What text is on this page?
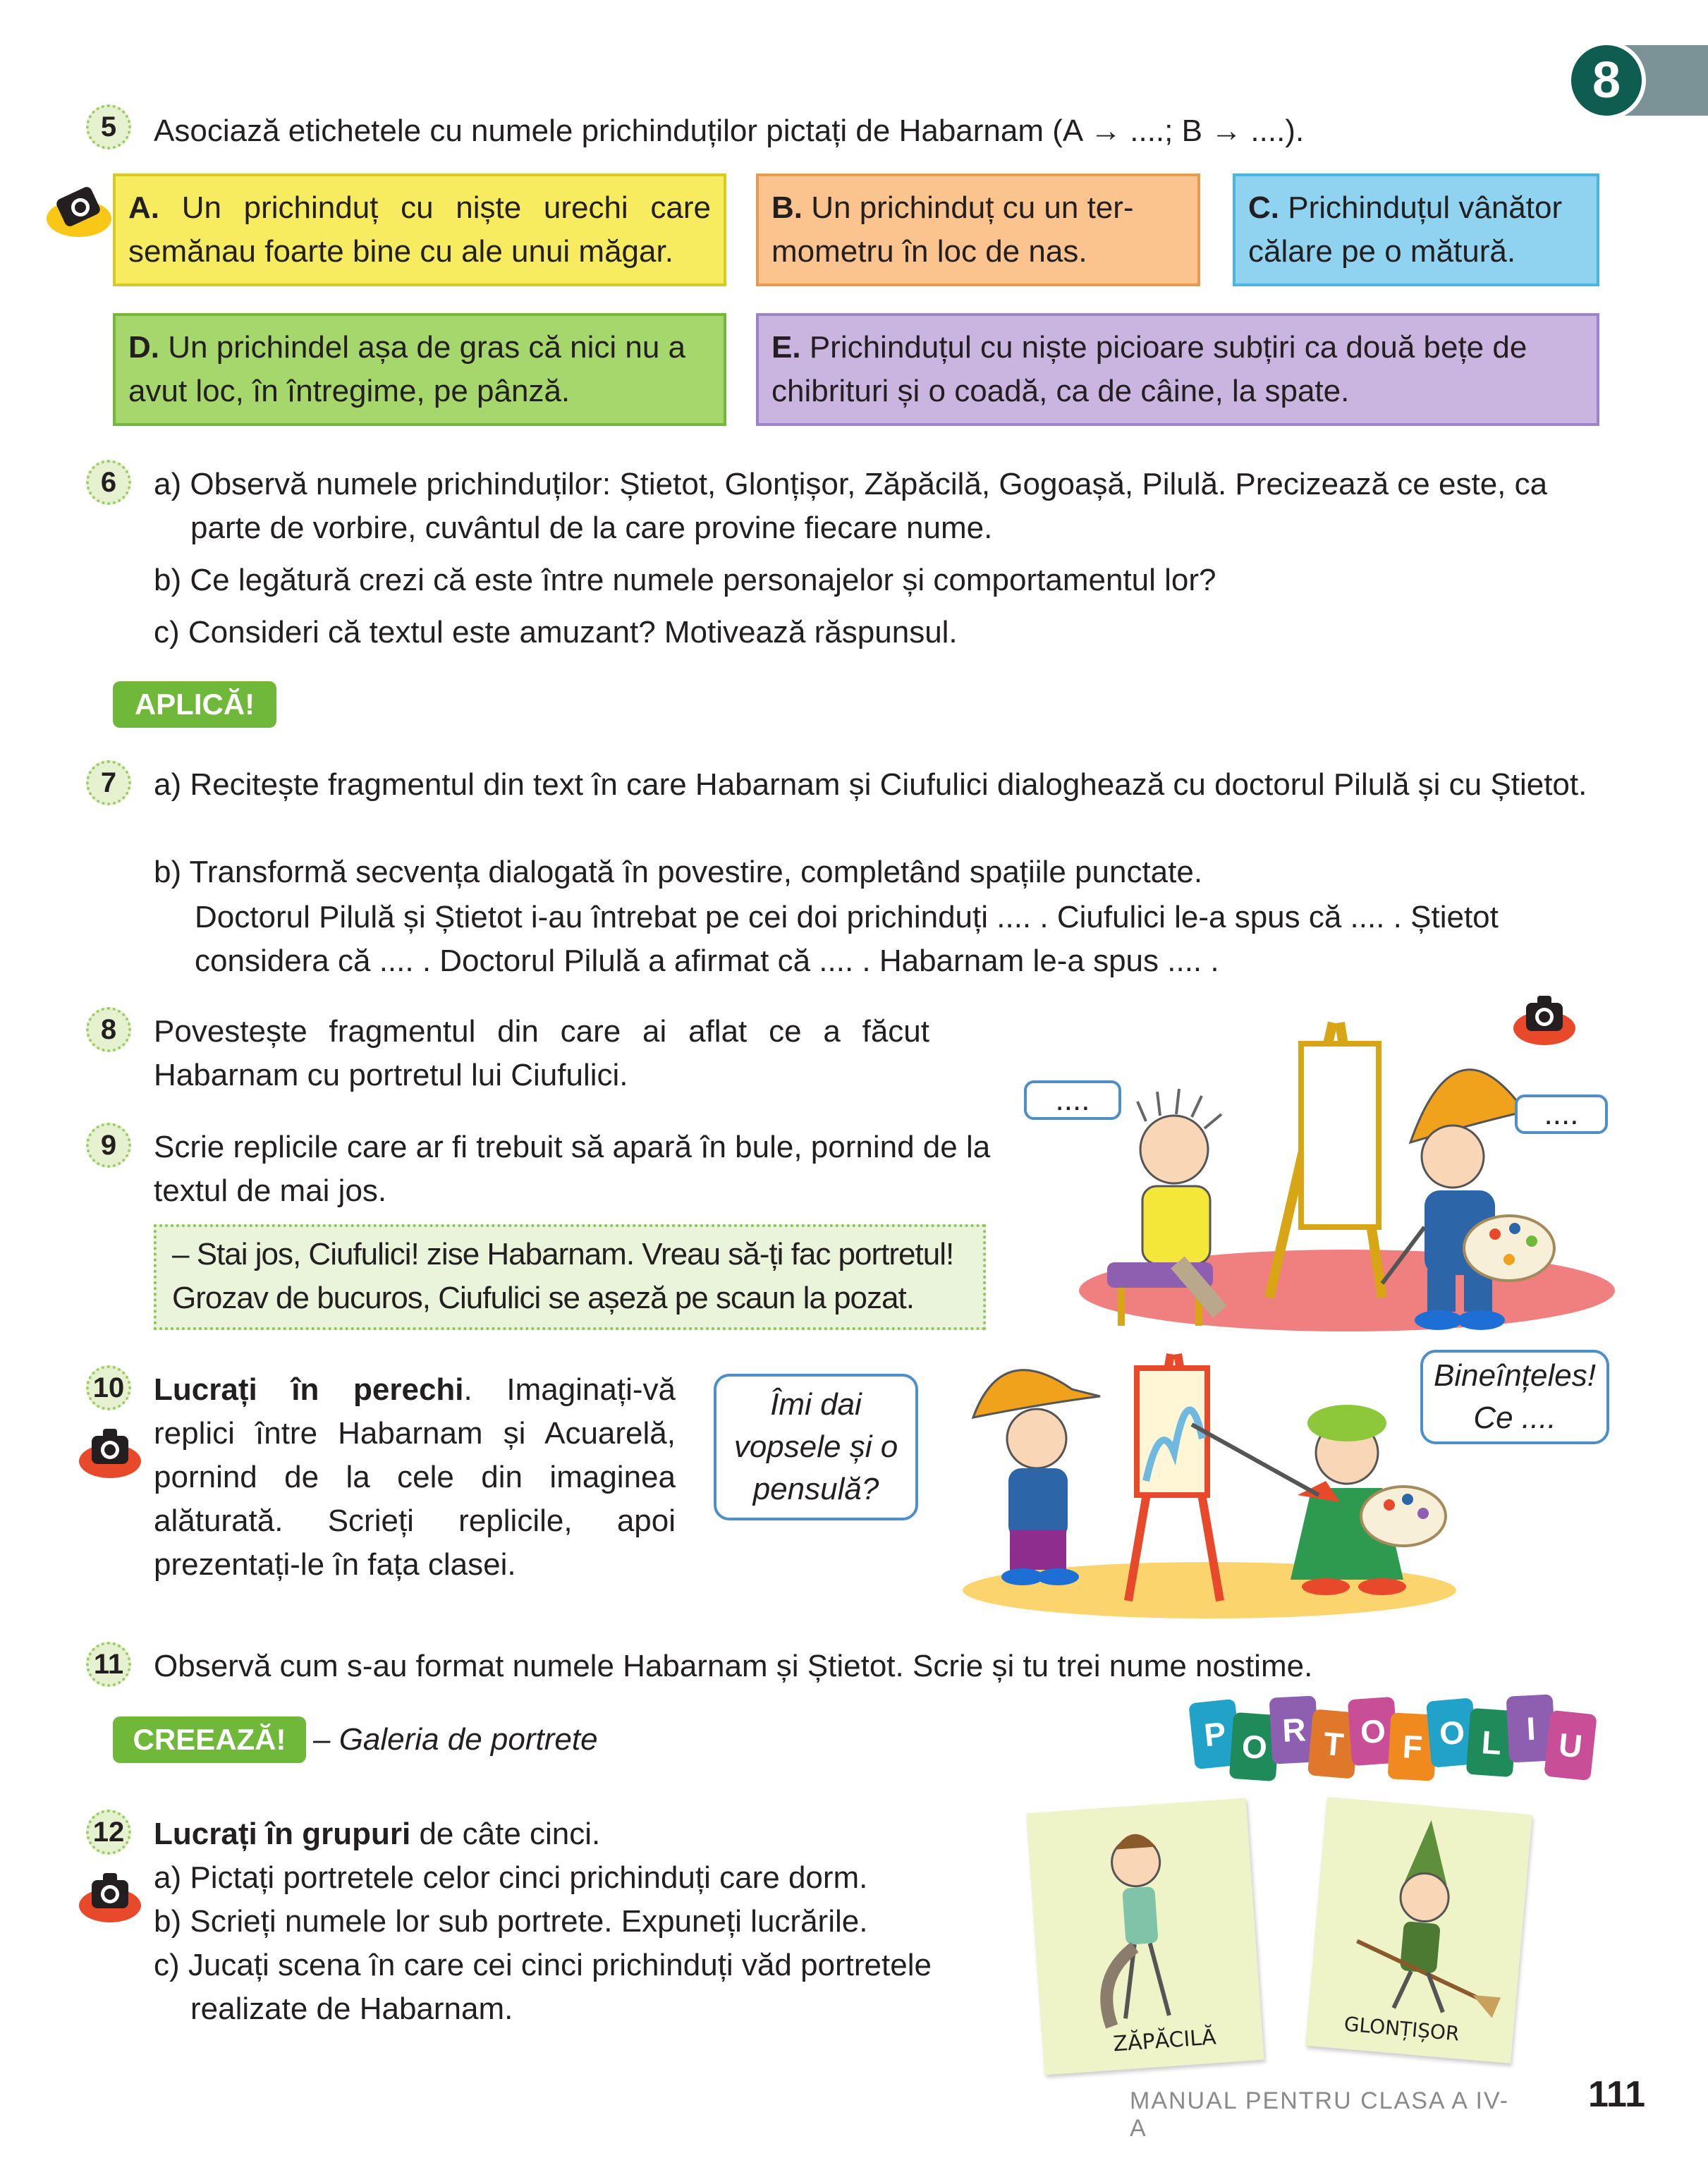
8
5	Asociază etichetele cu numele prichinduților pictați de Habarnam (A → ....; B → ....).
A. Un prichinduț cu niște urechi care semănau foarte bine cu ale unui măgar.
B. Un prichinduț cu un termometru în loc de nas.
C. Prichinduțul vânător călare pe o mătură.
D. Un prichindel așa de gras că nici nu a avut loc, în întregime, pe pânză.
E. Prichinduțul cu niște picioare subțiri ca două bețe de chibrituri și o coadă, ca de câine, la spate.
6	a) Observă numele prichinduților: Știetot, Glonțișor, Zăpăcilă, Gogoașă, Pilulă. Precizează ce este, ca parte de vorbire, cuvântul de la care provine fiecare nume.
b) Ce legătură crezi că este între numele personajelor și comportamentul lor?
c) Consideri că textul este amuzant? Motivează răspunsul.
APLICĂ!
7	a) Recitește fragmentul din text în care Habarnam și Ciufulici dialoghează cu doctorul Pilulă și cu Știetot.
b) Transformă secvența dialogată în povestire, completând spațiile punctate.
Doctorul Pilulă și Știetot i-au întrebat pe cei doi prichinduți .... . Ciufulici le-a spus că .... . Știetot considera că .... . Doctorul Pilulă a afirmat că .... . Habarnam le-a spus .... .
8	Povestește fragmentul din care ai aflat ce a făcut Habarnam cu portretul lui Ciufulici.
9	Scrie replicile care ar fi trebuit să apară în bule, pornind de la textul de mai jos.
– Stai jos, Ciufulici! zise Habarnam. Vreau să-ți fac portretul!
Grozav de bucuros, Ciufulici se așeză pe scaun la pozat.
....	....
10 Lucrați în perechi. Imaginați-vă replici între Habarnam și Acuarelă, pornind de la cele din imaginea alăturată. Scrieți replicile, apoi prezentați-le în fața clasei.
Îmi dai vopsele și o pensulă?
Bineînțeles! Ce ....
11 Observă cum s-au format numele Habarnam și Știetot. Scrie și tu trei nume nostime.
CREEAZĂ! – Galeria de portrete	P O R T O F O L I U
12 Lucrați în grupuri de câte cinci.
a) Pictați portretele celor cinci prichinduți care dorm.
b) Scrieți numele lor sub portrete. Expuneți lucrările.
c) Jucați scena în care cei cinci prichinduți văd portretele realizate de Habarnam.
ZĂPĂCILĂ	GLONȚIȘOR
MANUAL PENTRU CLASA A IV-A
111
